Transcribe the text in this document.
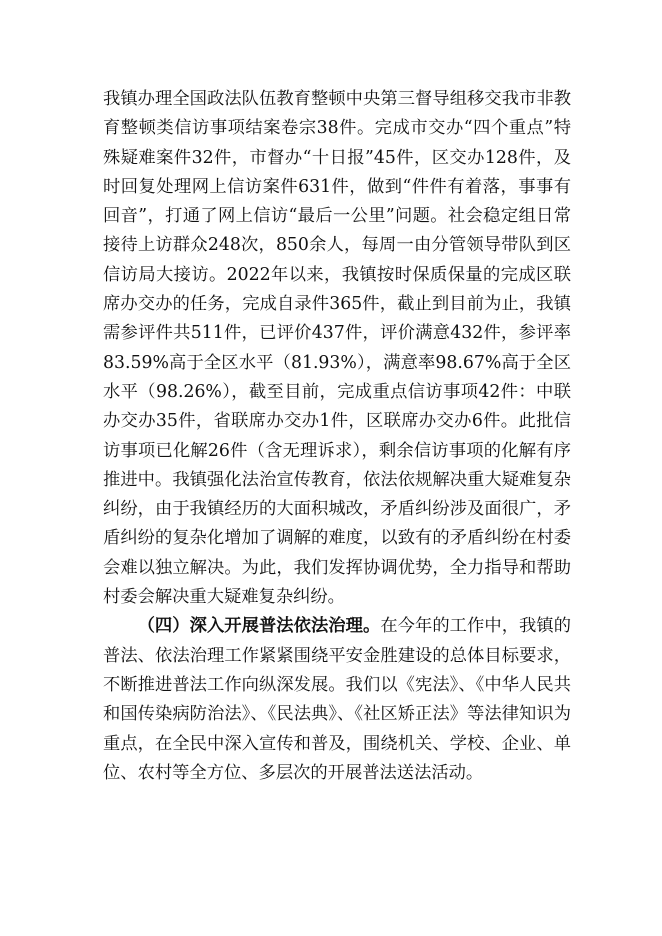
我镇办理全国政法队伍教育整顿中央第三督导组移交我市非教育整顿类信访事项结案卷宗38件。完成市交办“四个重点”特殊疑难案件32件，市督办“十日报”45件，区交办128件，及时回复处理网上信访案件631件，做到“件件有着落，事事有回音”，打通了网上信访“最后一公里”问题。社会稳定组日常接待上访群众248次，850余人，每周一由分管领导带队到区信访局大接访。2022年以来，我镇按时保质保量的完成区联席办交办的任务，完成自录件365件，截止到目前为止，我镇需参评件共511件，已评价437件，评价满意432件，参评率83.59%高于全区水平（81.93%），满意率98.67%高于全区水平（98.26%），截至目前，完成重点信访事项42件：中联办交办35件，省联席办交办1件，区联席办交办6件。此批信访事项已化解26件（含无理诉求），剩余信访事项的化解有序推进中。我镇强化法治宣传教育，依法依规解决重大疑难复杂纠纷，由于我镇经历的大面积城改，矛盾纠纷涉及面很广，矛盾纠纷的复杂化增加了调解的难度，以致有的矛盾纠纷在村委会难以独立解决。为此，我们发挥协调优势，全力指导和帮助村委会解决重大疑难复杂纠纷。

（四）深入开展普法依法治理。在今年的工作中，我镇的普法、依法治理工作紧紧围绕平安金胜建设的总体目标要求，不断推进普法工作向纵深发展。我们以《宪法》、《中华人民共和国传染病防治法》、《民法典》、《社区矫正法》等法律知识为重点，在全民中深入宣传和普及，围绕机关、学校、企业、单位、农村等全方位、多层次的开展普法送法活动。
